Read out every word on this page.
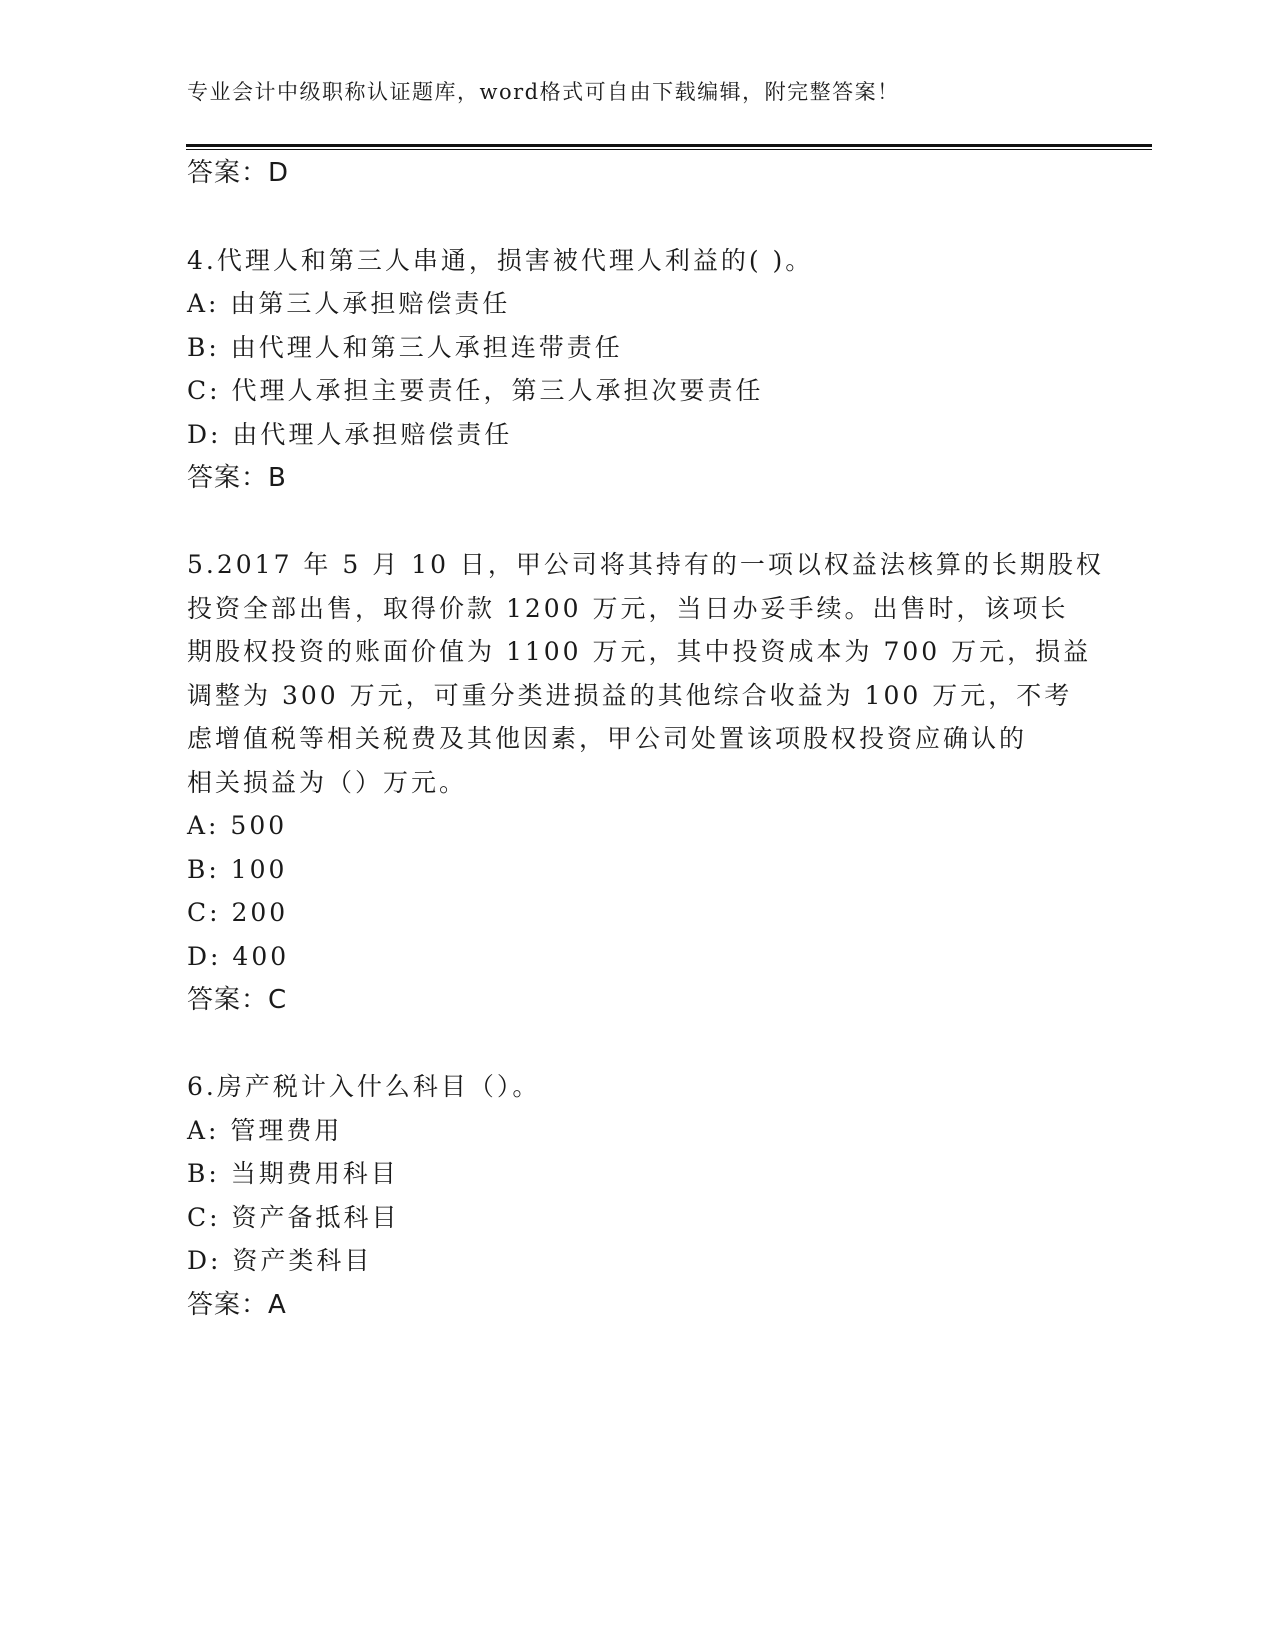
专业会计中级职称认证题库，word格式可自由下载编辑，附完整答案！
答案：D
4.代理人和第三人串通，损害被代理人利益的( )。
A: 由第三人承担赔偿责任
B: 由代理人和第三人承担连带责任
C: 代理人承担主要责任，第三人承担次要责任
D: 由代理人承担赔偿责任
答案：B
5.2017 年 5 月 10 日，甲公司将其持有的一项以权益法核算的长期股权
投资全部出售，取得价款 1200 万元，当日办妥手续。出售时，该项长
期股权投资的账面价值为 1100 万元，其中投资成本为 700 万元，损益
调整为 300 万元，可重分类进损益的其他综合收益为 100 万元，不考
虑增值税等相关税费及其他因素，甲公司处置该项股权投资应确认的
相关损益为（）万元。
A: 500
B: 100
C: 200
D: 400
答案：C
6.房产税计入什么科目（）。
A: 管理费用
B: 当期费用科目
C: 资产备抵科目
D: 资产类科目
答案：A
